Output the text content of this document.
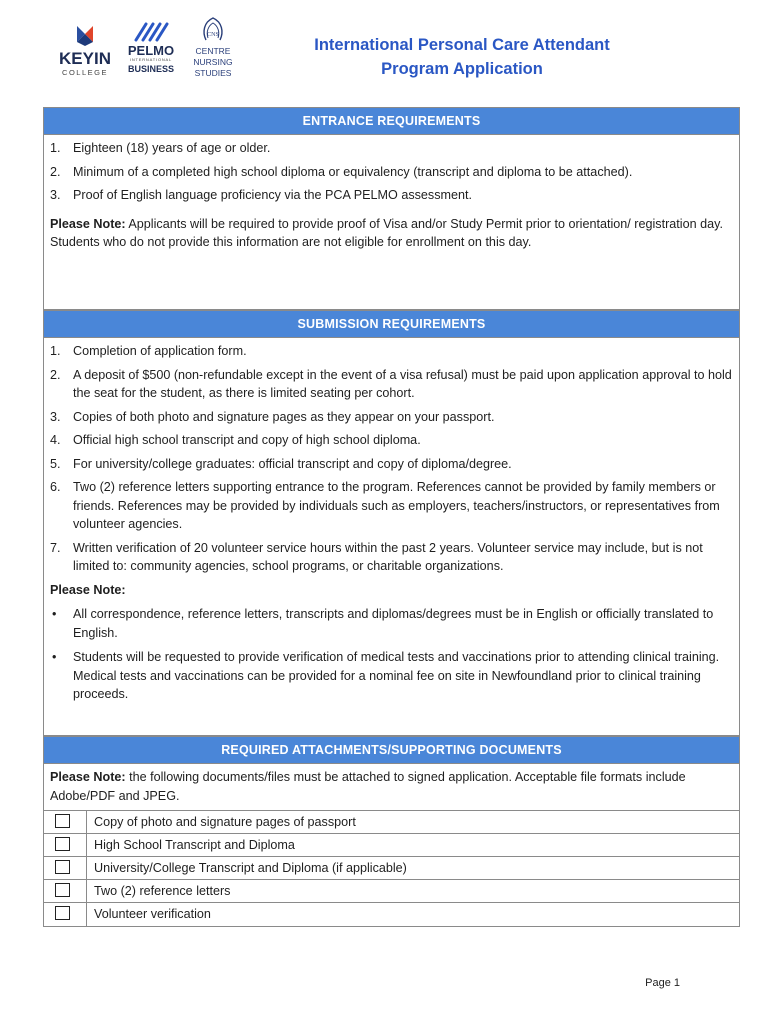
KEYIN
COLLEGE
PELMO
INTERNATIONAL
BUSINESS
CNS
CENTRE
NURSING
STUDIES
International Personal Care Attendant
Program Application
ENTRANCE REQUIREMENTS
1. Eighteen (18) years of age or older.
2. Minimum of a completed high school diploma or equivalency (transcript and diploma to be attached).
3. Proof of English language proficiency via the PCA PELMO assessment.
Please Note: Applicants will be required to provide proof of Visa and/or Study Permit prior to orientation/ registration day. Students who do not provide this information are not eligible for enrollment on this day.
SUBMISSION REQUIREMENTS
1. Completion of application form.
2. A deposit of $500 (non-refundable except in the event of a visa refusal) must be paid upon application approval to hold the seat for the student, as there is limited seating per cohort.
3. Copies of both photo and signature pages as they appear on your passport.
4. Official high school transcript and copy of high school diploma.
5. For university/college graduates: official transcript and copy of diploma/degree.
6. Two (2) reference letters supporting entrance to the program. References cannot be provided by family members or friends. References may be provided by individuals such as employers, teachers/instructors, or representatives from volunteer agencies.
7. Written verification of 20 volunteer service hours within the past 2 years. Volunteer service may include, but is not limited to: community agencies, school programs, or charitable organizations.
Please Note:
• All correspondence, reference letters, transcripts and diplomas/degrees must be in English or officially translated to English.
• Students will be requested to provide verification of medical tests and vaccinations prior to attending clinical training. Medical tests and vaccinations can be provided for a nominal fee on site in Newfoundland prior to clinical training proceeds.
REQUIRED ATTACHMENTS/SUPPORTING DOCUMENTS
Please Note: the following documents/files must be attached to signed application. Acceptable file formats include Adobe/PDF and JPEG.
Copy of photo and signature pages of passport
High School Transcript and Diploma
University/College Transcript and Diploma (if applicable)
Two (2) reference letters
Volunteer verification
Page 1
